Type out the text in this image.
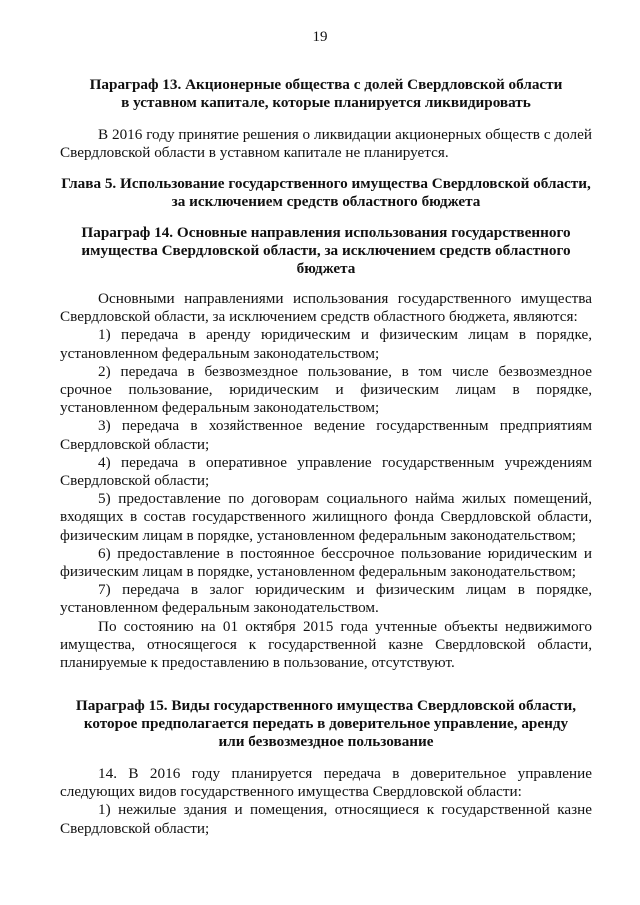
19
Параграф 13. Акционерные общества с долей Свердловской области
в уставном капитале, которые планируется ликвидировать
В 2016 году принятие решения о ликвидации акционерных обществ с долей
Свердловской области в уставном капитале не планируется.
Глава 5. Использование государственного имущества Свердловской области,
за исключением средств областного бюджета
Параграф 14. Основные направления использования государственного
имущества Свердловской области, за исключением средств областного
бюджета
Основными направлениями использования государственного имущества
Свердловской области, за исключением средств областного бюджета, являются:
1) передача в аренду юридическим и физическим лицам в порядке,
установленном федеральным законодательством;
2) передача в безвозмездное пользование, в том числе безвозмездное
срочное пользование, юридическим и физическим лицам в порядке,
установленном федеральным законодательством;
3) передача в хозяйственное ведение государственным предприятиям
Свердловской области;
4) передача в оперативное управление государственным учреждениям
Свердловской области;
5) предоставление по договорам социального найма жилых помещений,
входящих в состав государственного жилищного фонда Свердловской области,
физическим лицам в порядке, установленном федеральным законодательством;
6) предоставление в постоянное бессрочное пользование юридическим и
физическим лицам в порядке, установленном федеральным законодательством;
7) передача в залог юридическим и физическим лицам в порядке,
установленном федеральным законодательством.
По состоянию на 01 октября 2015 года учтенные объекты недвижимого
имущества, относящегося к государственной казне Свердловской области,
планируемые к предоставлению в пользование, отсутствуют.
Параграф 15. Виды государственного имущества Свердловской области,
которое предполагается передать в доверительное управление, аренду
или безвозмездное пользование
14. В 2016 году планируется передача в доверительное управление
следующих видов государственного имущества Свердловской области:
1) нежилые здания и помещения, относящиеся к государственной казне
Свердловской области;
